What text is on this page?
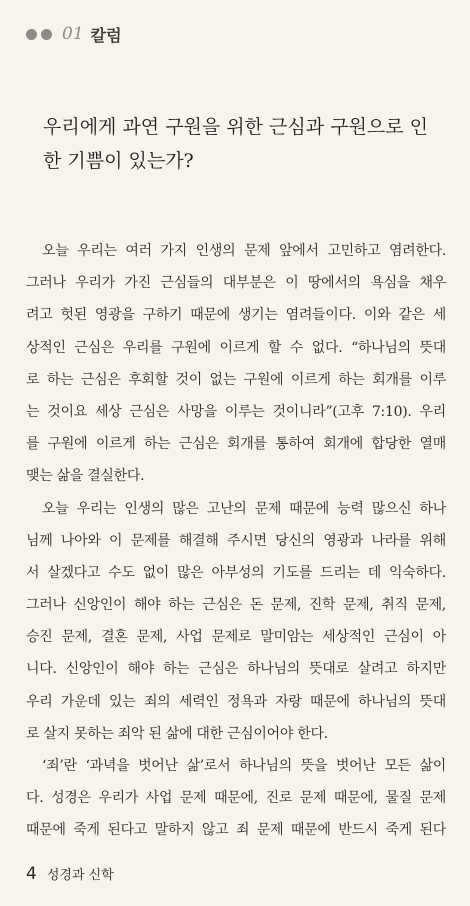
01 칼럼
우리에게 과연 구원을 위한 근심과 구원으로 인한 기쁨이 있는가?
오늘 우리는 여러 가지 인생의 문제 앞에서 고민하고 염려한다.
그러나 우리가 가진 근심들의 대부분은 이 땅에서의 욕심을 채우
려고 헛된 영광을 구하기 때문에 생기는 염려들이다. 이와 같은 세
상적인 근심은 우리를 구원에 이르게 할 수 없다. “하나님의 뜻대
로 하는 근심은 후회할 것이 없는 구원에 이르게 하는 회개를 이루
는 것이요 세상 근심은 사망을 이루는 것이니라”(고후 7:10). 우리
를 구원에 이르게 하는 근심은 회개를 통하여 회개에 합당한 열매
맺는 삶을 결실한다.
오늘 우리는 인생의 많은 고난의 문제 때문에 능력 많으신 하나
님께 나아와 이 문제를 해결해 주시면 당신의 영광과 나라를 위해
서 살겠다고 수도 없이 많은 아부성의 기도를 드리는 데 익숙하다.
그러나 신앙인이 해야 하는 근심은 돈 문제, 진학 문제, 취직 문제,
승진 문제, 결혼 문제, 사업 문제로 말미암는 세상적인 근심이 아
니다. 신앙인이 해야 하는 근심은 하나님의 뜻대로 살려고 하지만
우리 가운데 있는 죄의 세력인 정욕과 자랑 때문에 하나님의 뜻대
로 살지 못하는 죄악 된 삶에 대한 근심이어야 한다.
‘죄’란 ‘과녁을 벗어난 삶’로서 하나님의 뜻을 벗어난 모든 삶이
다. 성경은 우리가 사업 문제 때문에, 진로 문제 때문에, 물질 문제
때문에 죽게 된다고 말하지 않고 죄 문제 때문에 반드시 죽게 된다
4 성경과 신학
